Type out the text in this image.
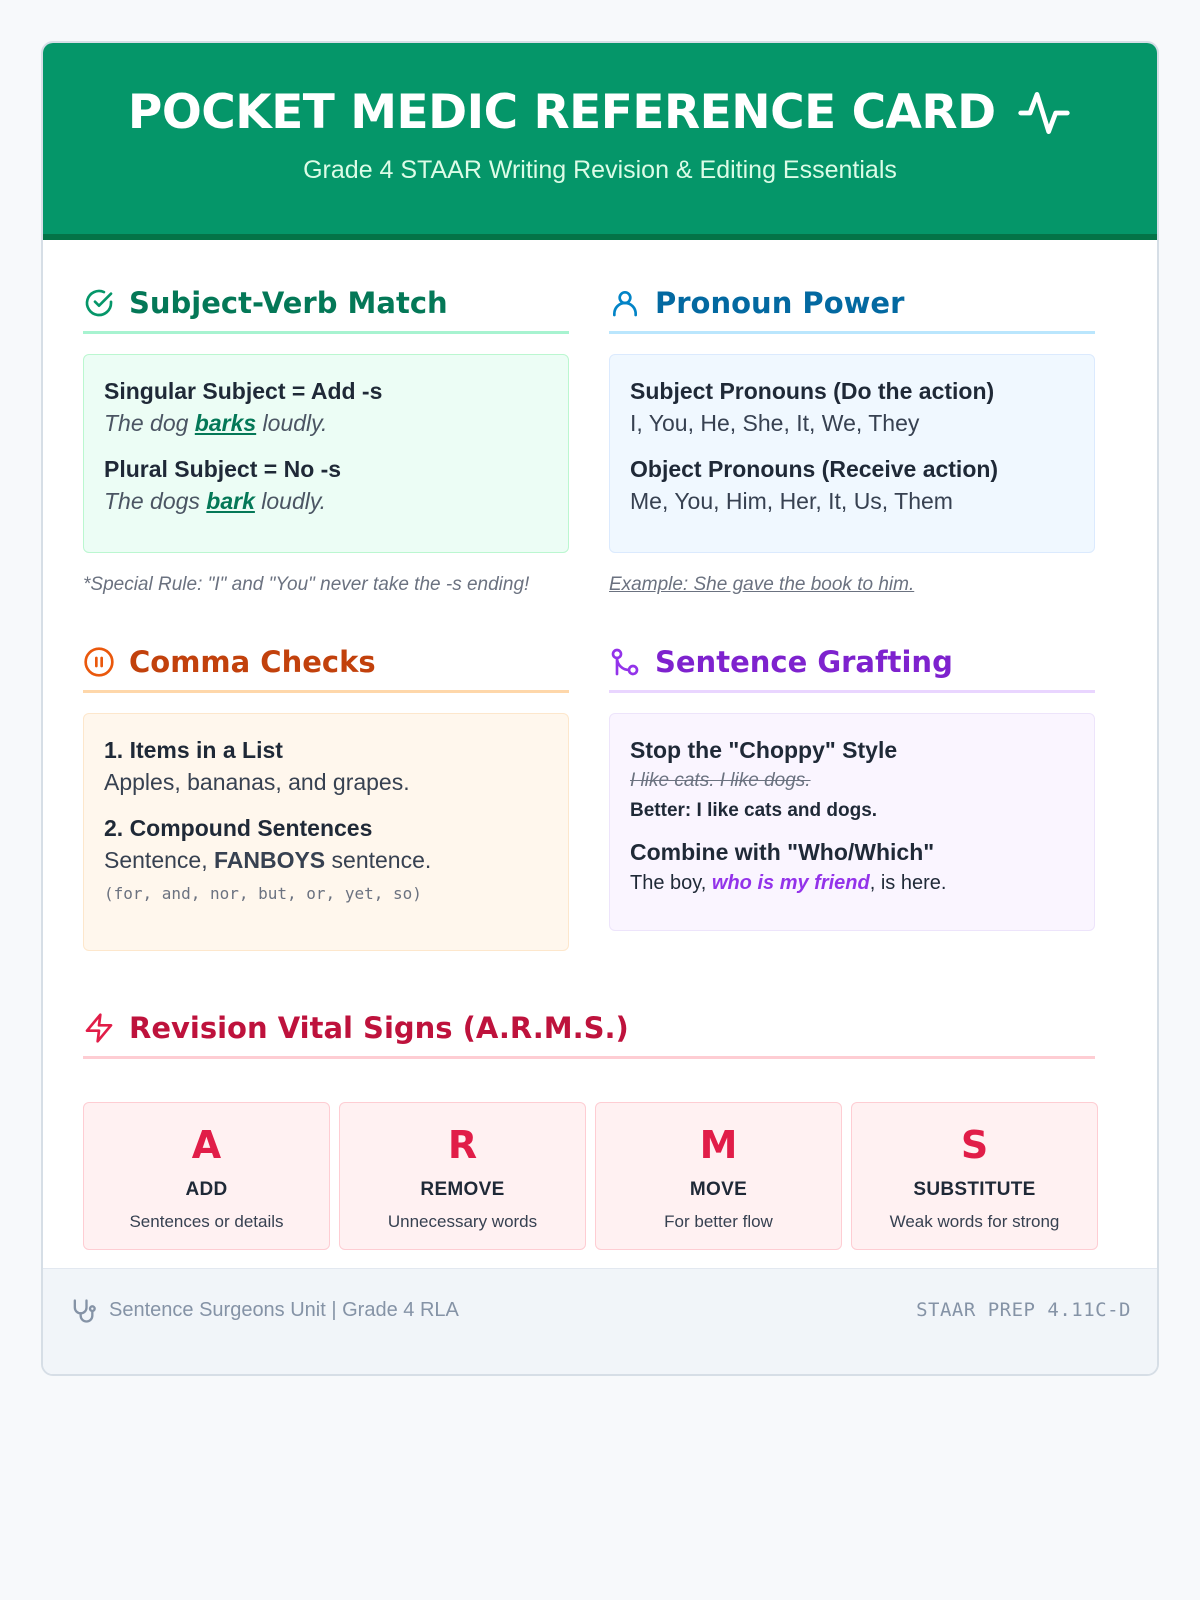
POCKET MEDIC REFERENCE CARD
Grade 4 STAAR Writing Revision & Editing Essentials
Subject-Verb Match
Singular Subject = Add -s
The dog barks loudly.
Plural Subject = No -s
The dogs bark loudly.
*Special Rule: "I" and "You" never take the -s ending!
Pronoun Power
Subject Pronouns (Do the action)
I, You, He, She, It, We, They
Object Pronouns (Receive action)
Me, You, Him, Her, It, Us, Them
Example: She gave the book to him.
Comma Checks
1. Items in a List
Apples, bananas, and grapes.
2. Compound Sentences
Sentence, FANBOYS sentence.
(for, and, nor, but, or, yet, so)
Sentence Grafting
Stop the "Choppy" Style
I like cats. I like dogs.
Better: I like cats and dogs.
Combine with "Who/Which"
The boy, who is my friend, is here.
Revision Vital Signs (A.R.M.S.)
A
ADD
Sentences or details
R
REMOVE
Unnecessary words
M
MOVE
For better flow
S
SUBSTITUTE
Weak words for strong
Sentence Surgeons Unit | Grade 4 RLA	STAAR PREP 4.11C-D
